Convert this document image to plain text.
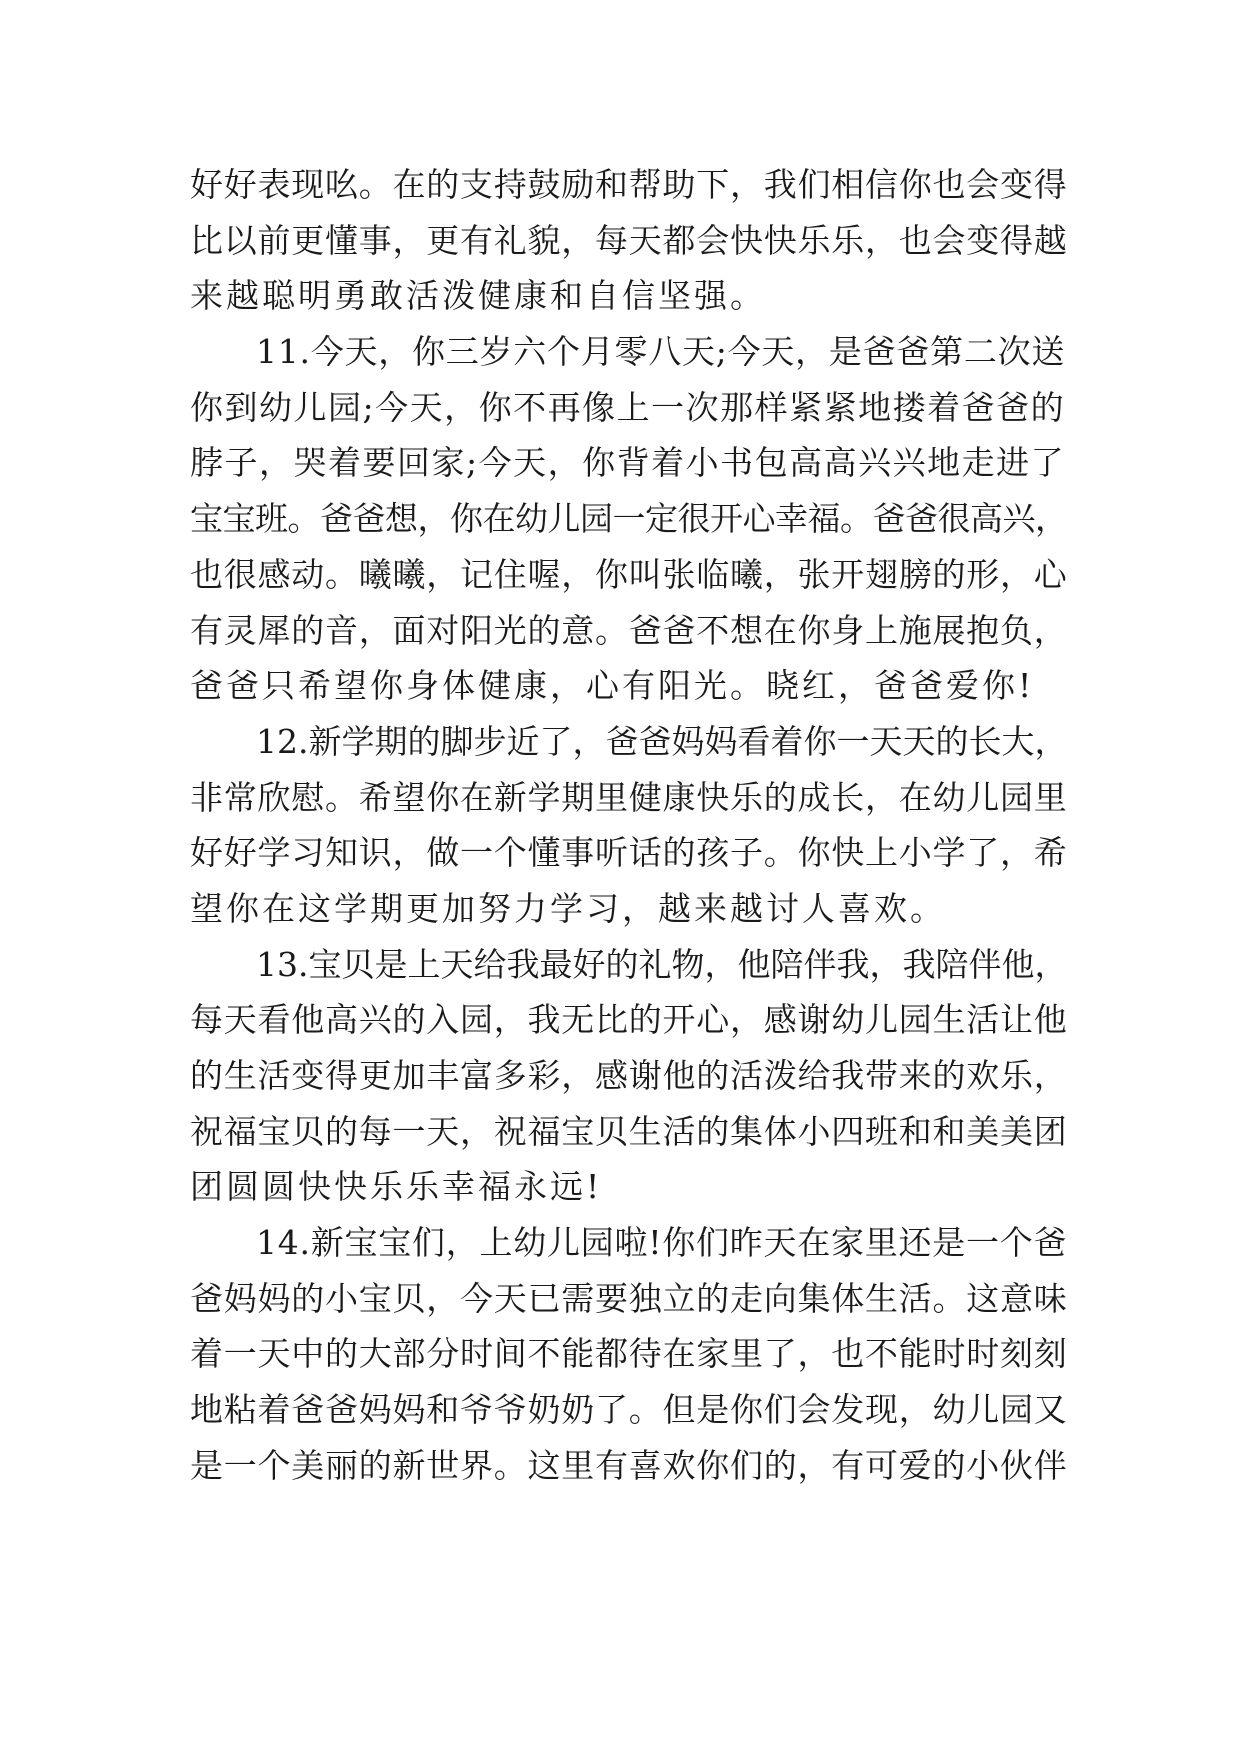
好好表现吆。在的支持鼓励和帮助下，我们相信你也会变得
比以前更懂事，更有礼貌，每天都会快快乐乐，也会变得越
来越聪明勇敢活泼健康和自信坚强。
11.今天，你三岁六个月零八天;今天，是爸爸第二次送
你到幼儿园;今天，你不再像上一次那样紧紧地搂着爸爸的
脖子，哭着要回家;今天，你背着小书包高高兴兴地走进了
宝宝班。爸爸想，你在幼儿园一定很开心幸福。爸爸很高兴，
也很感动。曦曦，记住喔，你叫张临曦，张开翅膀的形，心
有灵犀的音，面对阳光的意。爸爸不想在你身上施展抱负，
爸爸只希望你身体健康，心有阳光。晓红，爸爸爱你!
12.新学期的脚步近了，爸爸妈妈看着你一天天的长大，
非常欣慰。希望你在新学期里健康快乐的成长，在幼儿园里
好好学习知识，做一个懂事听话的孩子。你快上小学了，希
望你在这学期更加努力学习，越来越讨人喜欢。
13.宝贝是上天给我最好的礼物，他陪伴我，我陪伴他，
每天看他高兴的入园，我无比的开心，感谢幼儿园生活让他
的生活变得更加丰富多彩，感谢他的活泼给我带来的欢乐，
祝福宝贝的每一天，祝福宝贝生活的集体小四班和和美美团
团圆圆快快乐乐幸福永远!
14.新宝宝们，上幼儿园啦!你们昨天在家里还是一个爸
爸妈妈的小宝贝，今天已需要独立的走向集体生活。这意味
着一天中的大部分时间不能都待在家里了，也不能时时刻刻
地粘着爸爸妈妈和爷爷奶奶了。但是你们会发现，幼儿园又
是一个美丽的新世界。这里有喜欢你们的，有可爱的小伙伴
